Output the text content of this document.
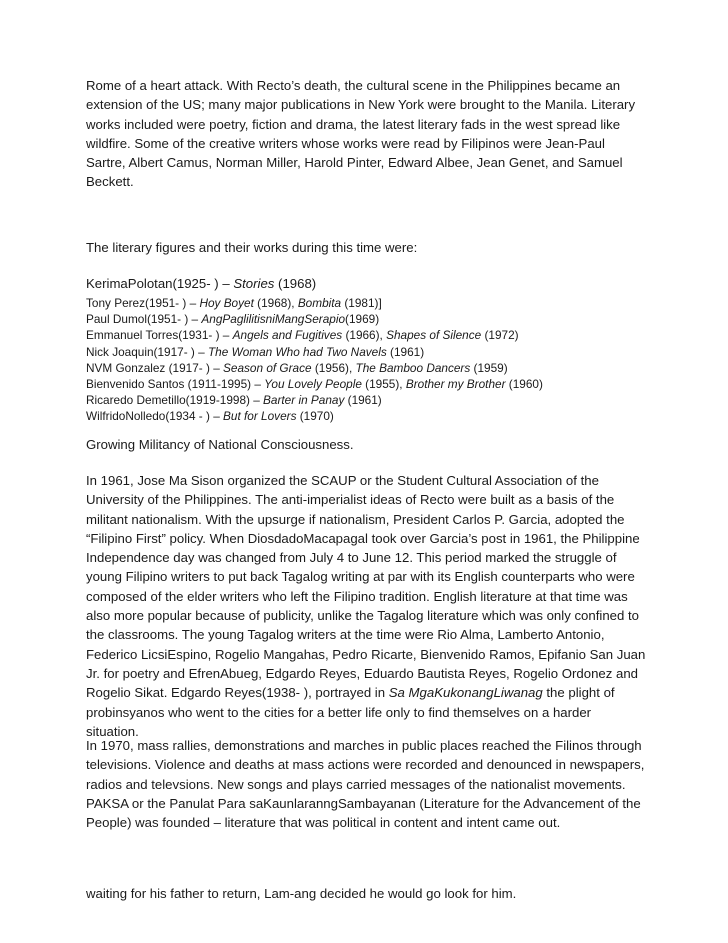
Rome of a heart attack. With Recto’s death, the cultural scene in the Philippines became an extension of the US; many major publications in New York were brought to the Manila. Literary works included were poetry, fiction and drama, the latest literary fads in the west spread like wildfire. Some of the creative writers whose works were read by Filipinos were Jean-Paul Sartre, Albert Camus, Norman Miller, Harold Pinter, Edward Albee, Jean Genet, and Samuel Beckett.

The literary figures and their works during this time were:

KerimaPolotan(1925- ) – Stories (1968)
Tony Perez(1951- ) – Hoy Boyet (1968), Bombita (1981)]
Paul Dumol(1951- ) – AngPaglilitisniMangSerapio(1969)
Emmanuel Torres(1931- ) – Angels and Fugitives (1966), Shapes of Silence (1972)
Nick Joaquin(1917- ) – The Woman Who had Two Navels (1961)
NVM Gonzalez (1917- ) – Season of Grace (1956), The Bamboo Dancers (1959)
Bienvenido Santos (1911-1995) – You Lovely People (1955), Brother my Brother (1960)
Ricaredo Demetillo(1919-1998) – Barter in Panay (1961)
WilfridoNolledo(1934 - ) – But for Lovers (1970)

Growing Militancy of National Consciousness.

In 1961, Jose Ma Sison organized the SCAUP or the Student Cultural Association of the University of the Philippines. The anti-imperialist ideas of Recto were built as a basis of the militant nationalism. With the upsurge if nationalism, President Carlos P. Garcia, adopted the “Filipino First” policy. When DiosdadoMacapagal took over Garcia’s post in 1961, the Philippine Independence day was changed from July 4 to June 12. This period marked the struggle of young Filipino writers to put back Tagalog writing at par with its English counterparts who were composed of the elder writers who left the Filipino tradition. English literature at that time was also more popular because of publicity, unlike the Tagalog literature which was only confined to the classrooms. The young Tagalog writers at the time were Rio Alma, Lamberto Antonio, Federico LicsiEspino, Rogelio Mangahas, Pedro Ricarte, Bienvenido Ramos, Epifanio San Juan Jr. for poetry and EfrenAbueg, Edgardo Reyes, Eduardo Bautista Reyes, Rogelio Ordonez and Rogelio Sikat. Edgardo Reyes(1938- ), portrayed in Sa MgaKukonangLiwanag the plight of probinsyanos who went to the cities for a better life only to find themselves on a harder situation.

In 1970, mass rallies, demonstrations and marches in public places reached the Filinos through televisions. Violence and deaths at mass actions were recorded and denounced in newspapers, radios and televsions. New songs and plays carried messages of the nationalist movements. PAKSA or the Panulat Para saKaunlaranngSambayanan (Literature for the Advancement of the People) was founded – literature that was political in content and intent came out.

waiting for his father to return, Lam-ang decided he would go look for him.
